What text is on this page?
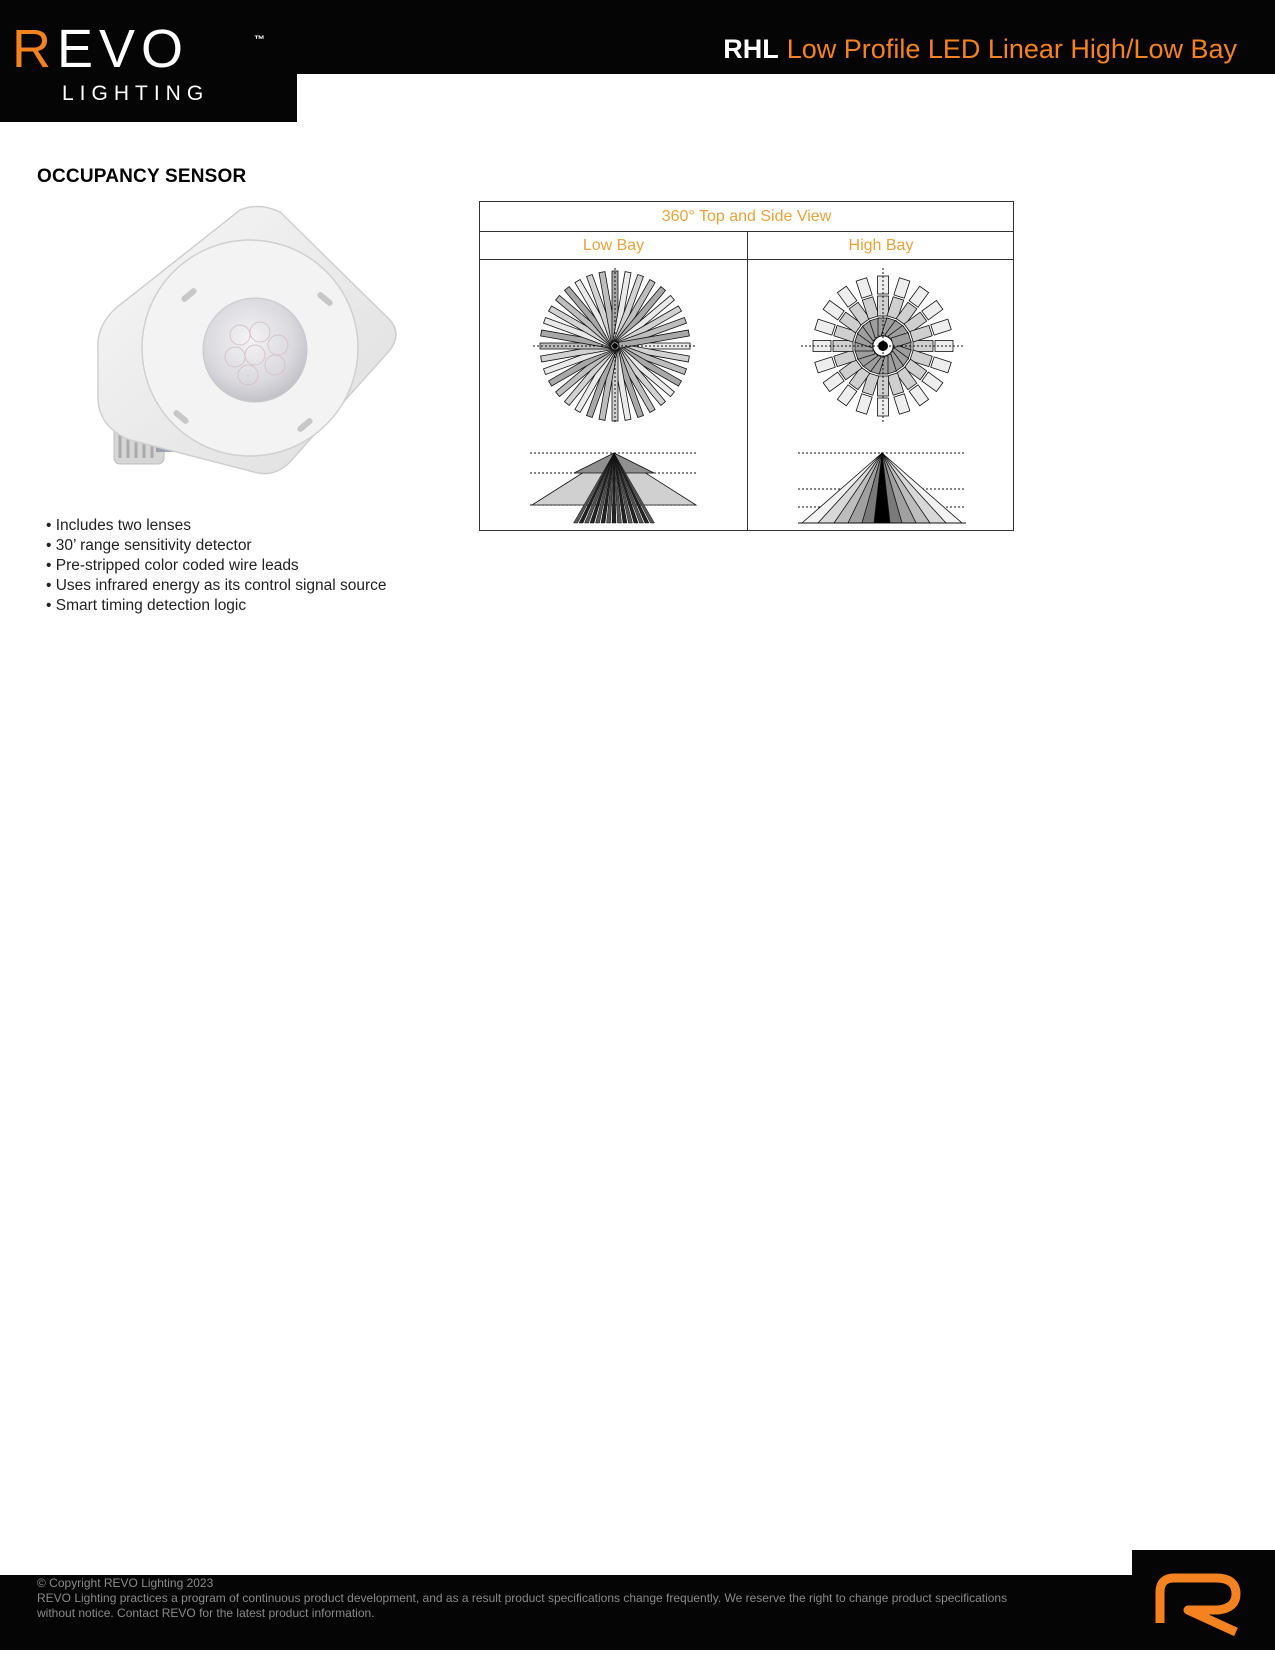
REVO	™
LIGHTING
RHL Low Profile LED Linear High/Low Bay
OCCUPANCY SENSOR
• Includes two lenses
• 30’ range sensitivity detector
• Pre-stripped color coded wire leads
• Uses infrared energy as its control signal source
• Smart timing detection logic
360° Top and Side View
Low Bay	High Bay

© Copyright REVO Lighting 2023

REVO Lighting practices a program of continuous product development, and as a result product specifications change frequently. We reserve the right to change product specifications without notice. Contact REVO for the latest product information.
